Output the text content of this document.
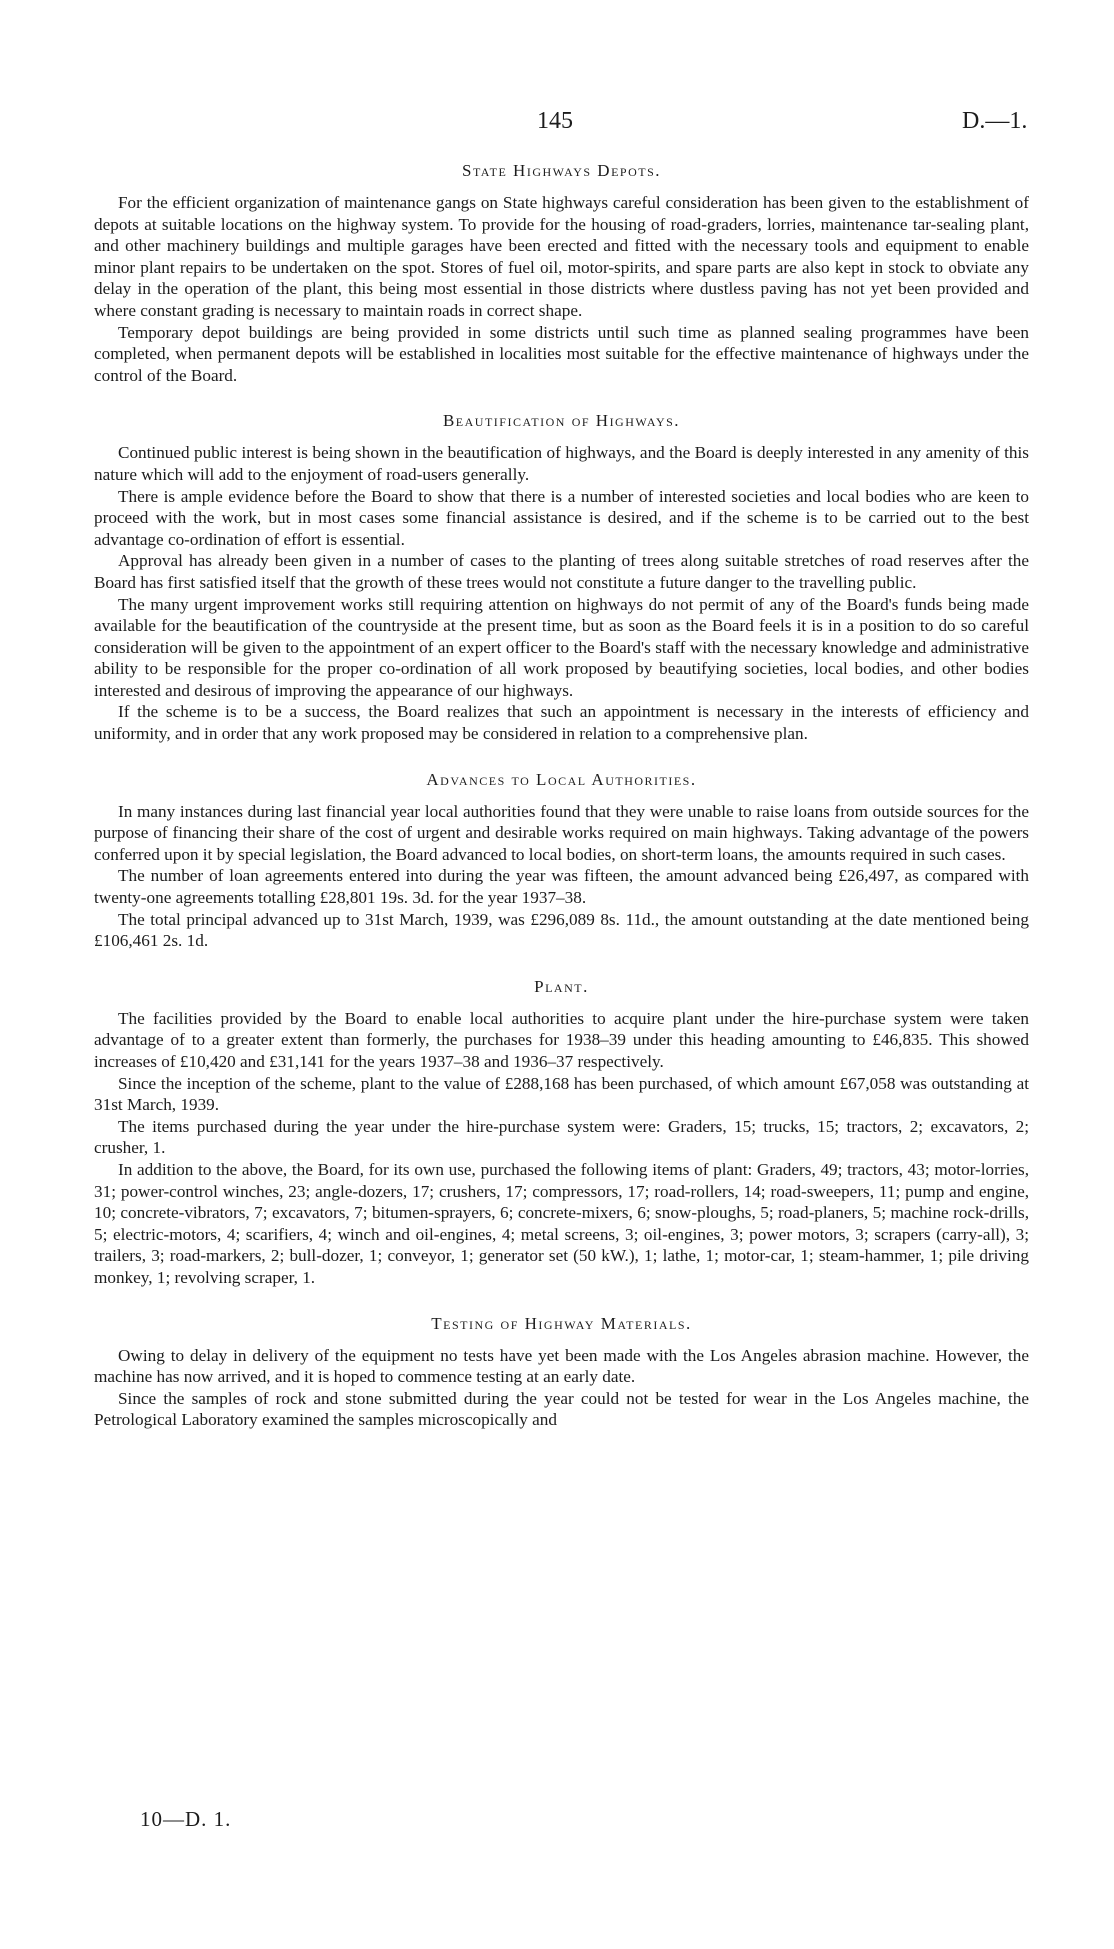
145	D.—1.
State Highways Depots.

For the efficient organization of maintenance gangs on State highways careful consideration has been given to the establishment of depots at suitable locations on the highway system. To provide for the housing of road-graders, lorries, maintenance tar-sealing plant, and other machinery buildings and multiple garages have been erected and fitted with the necessary tools and equipment to enable minor plant repairs to be undertaken on the spot. Stores of fuel oil, motor-spirits, and spare parts are also kept in stock to obviate any delay in the operation of the plant, this being most essential in those districts where dustless paving has not yet been provided and where constant grading is necessary to maintain roads in correct shape.

Temporary depot buildings are being provided in some districts until such time as planned sealing programmes have been completed, when permanent depots will be established in localities most suitable for the effective maintenance of highways under the control of the Board.

Beautification of Highways.

Continued public interest is being shown in the beautification of highways, and the Board is deeply interested in any amenity of this nature which will add to the enjoyment of road-users generally.

There is ample evidence before the Board to show that there is a number of interested societies and local bodies who are keen to proceed with the work, but in most cases some financial assistance is desired, and if the scheme is to be carried out to the best advantage co-ordination of effort is essential.

Approval has already been given in a number of cases to the planting of trees along suitable stretches of road reserves after the Board has first satisfied itself that the growth of these trees would not constitute a future danger to the travelling public.

The many urgent improvement works still requiring attention on highways do not permit of any of the Board's funds being made available for the beautification of the countryside at the present time, but as soon as the Board feels it is in a position to do so careful consideration will be given to the appointment of an expert officer to the Board's staff with the necessary knowledge and administrative ability to be responsible for the proper co-ordination of all work proposed by beautifying societies, local bodies, and other bodies interested and desirous of improving the appearance of our highways.

If the scheme is to be a success, the Board realizes that such an appointment is necessary in the interests of efficiency and uniformity, and in order that any work proposed may be considered in relation to a comprehensive plan.

Advances to Local Authorities.

In many instances during last financial year local authorities found that they were unable to raise loans from outside sources for the purpose of financing their share of the cost of urgent and desirable works required on main highways. Taking advantage of the powers conferred upon it by special legislation, the Board advanced to local bodies, on short-term loans, the amounts required in such cases.

The number of loan agreements entered into during the year was fifteen, the amount advanced being £26,497, as compared with twenty-one agreements totalling £28,801 19s. 3d. for the year 1937–38.

The total principal advanced up to 31st March, 1939, was £296,089 8s. 11d., the amount outstanding at the date mentioned being £106,461 2s. 1d.

Plant.

The facilities provided by the Board to enable local authorities to acquire plant under the hire-purchase system were taken advantage of to a greater extent than formerly, the purchases for 1938–39 under this heading amounting to £46,835. This showed increases of £10,420 and £31,141 for the years 1937–38 and 1936–37 respectively.

Since the inception of the scheme, plant to the value of £288,168 has been purchased, of which amount £67,058 was outstanding at 31st March, 1939.

The items purchased during the year under the hire-purchase system were: Graders, 15; trucks, 15; tractors, 2; excavators, 2; crusher, 1.

In addition to the above, the Board, for its own use, purchased the following items of plant: Graders, 49; tractors, 43; motor-lorries, 31; power-control winches, 23; angle-dozers, 17; crushers, 17; compressors, 17; road-rollers, 14; road-sweepers, 11; pump and engine, 10; concrete-vibrators, 7; excavators, 7; bitumen-sprayers, 6; concrete-mixers, 6; snow-ploughs, 5; road-planers, 5; machine rock-drills, 5; electric-motors, 4; scarifiers, 4; winch and oil-engines, 4; metal screens, 3; oil-engines, 3; power motors, 3; scrapers (carry-all), 3; trailers, 3; road-markers, 2; bull-dozer, 1; conveyor, 1; generator set (50 kW.), 1; lathe, 1; motor-car, 1; steam-hammer, 1; pile driving monkey, 1; revolving scraper, 1.

Testing of Highway Materials.

Owing to delay in delivery of the equipment no tests have yet been made with the Los Angeles abrasion machine. However, the machine has now arrived, and it is hoped to commence testing at an early date.

Since the samples of rock and stone submitted during the year could not be tested for wear in the Los Angeles machine, the Petrological Laboratory examined the samples microscopically and

10—D. 1.
